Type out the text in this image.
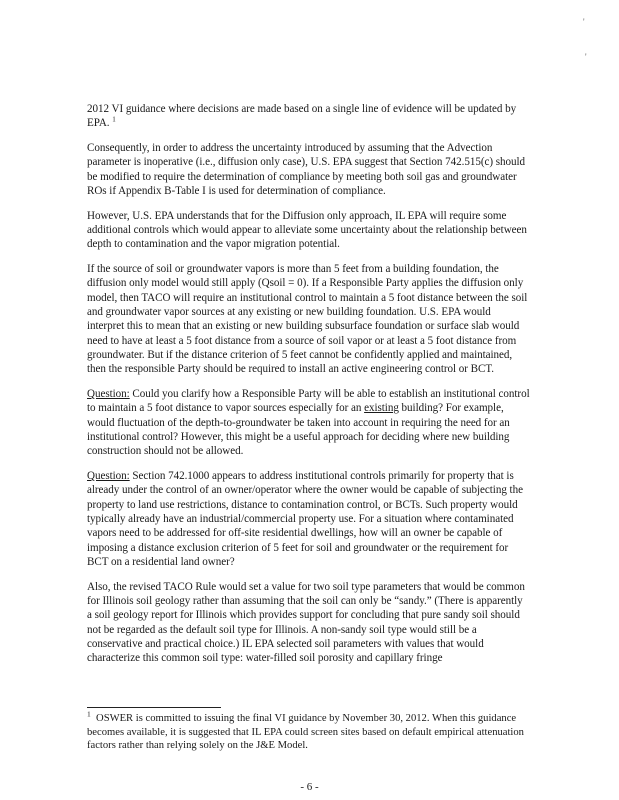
'
'

2012 VI guidance where decisions are made based on a single line of evidence will be updated by EPA. $^1$

Consequently, in order to address the uncertainty introduced by assuming that the Advection parameter is inoperative (i.e., diffusion only case), U.S. EPA suggest that Section 742.515(c) should be modified to require the determination of compliance by meeting both soil gas and groundwater ROs if Appendix B-Table I is used for determination of compliance.

However, U.S. EPA understands that for the Diffusion only approach, IL EPA will require some additional controls which would appear to alleviate some uncertainty about the relationship between depth to contamination and the vapor migration potential.

If the source of soil or groundwater vapors is more than 5 feet from a building foundation, the diffusion only model would still apply (Qsoil = 0). If a Responsible Party applies the diffusion only model, then TACO will require an institutional control to maintain a 5 foot distance between the soil and groundwater vapor sources at any existing or new building foundation. U.S. EPA would interpret this to mean that an existing or new building subsurface foundation or surface slab would need to have at least a 5 foot distance from a source of soil vapor or at least a 5 foot distance from groundwater. But if the distance criterion of 5 feet cannot be confidently applied and maintained, then the responsible Party should be required to install an active engineering control or BCT.

Question: Could you clarify how a Responsible Party will be able to establish an institutional control to maintain a 5 foot distance to vapor sources especially for an existing building? For example, would fluctuation of the depth-to-groundwater be taken into account in requiring the need for an institutional control? However, this might be a useful approach for deciding where new building construction should not be allowed.

Question: Section 742.1000 appears to address institutional controls primarily for property that is already under the control of an owner/operator where the owner would be capable of subjecting the property to land use restrictions, distance to contamination control, or BCTs. Such property would typically already have an industrial/commercial property use. For a situation where contaminated vapors need to be addressed for off-site residential dwellings, how will an owner be capable of imposing a distance exclusion criterion of 5 feet for soil and groundwater or the requirement for BCT on a residential land owner?

Also, the revised TACO Rule would set a value for two soil type parameters that would be common for Illinois soil geology rather than assuming that the soil can only be “sandy.” (There is apparently a soil geology report for Illinois which provides support for concluding that pure sandy soil should not be regarded as the default soil type for Illinois. A non-sandy soil type would still be a conservative and practical choice.) IL EPA selected soil parameters with values that would characterize this common soil type: water-filled soil porosity and capillary fringe

$^1$ OSWER is committed to issuing the final VI guidance by November 30, 2012. When this guidance becomes available, it is suggested that IL EPA could screen sites based on default empirical attenuation factors rather than relying solely on the J&E Model.
- 6 -
